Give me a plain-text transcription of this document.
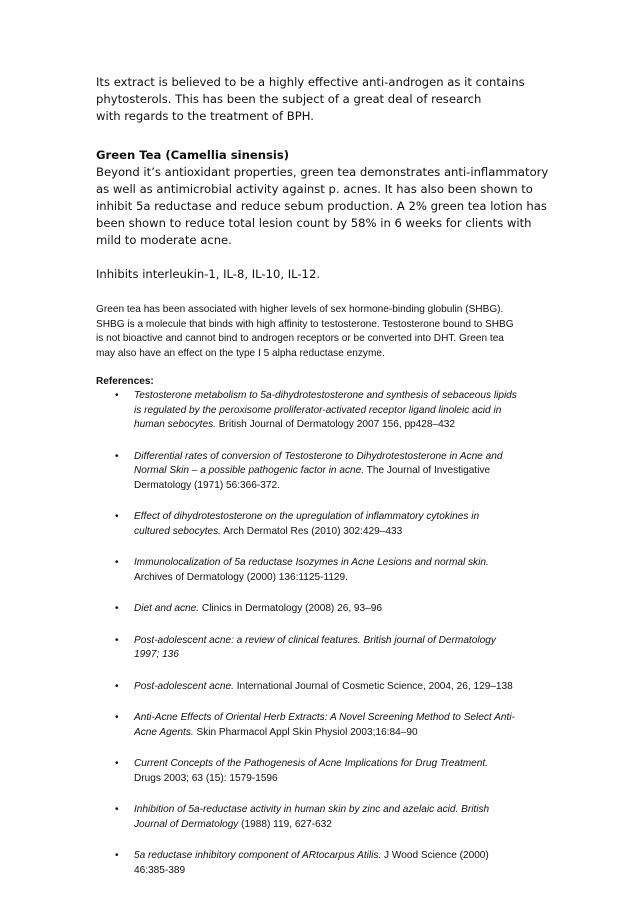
Its extract is believed to be a highly effective anti-androgen as it contains
phytosterols. This has been the subject of a great deal of research
with regards to the treatment of BPH.

Green Tea (Camellia sinensis)

Beyond it’s antioxidant properties, green tea demonstrates anti-inflammatory
as well as antimicrobial activity against p. acnes. It has also been shown to
inhibit 5a reductase and reduce sebum production. A 2% green tea lotion has
been shown to reduce total lesion count by 58% in 6 weeks for clients with
mild to moderate acne.

Inhibits interleukin-1, IL-8, IL-10, IL-12.

Green tea has been associated with higher levels of sex hormone-binding globulin (SHBG).
SHBG is a molecule that binds with high affinity to testosterone. Testosterone bound to SHBG
is not bioactive and cannot bind to androgen receptors or be converted into DHT. Green tea
may also have an effect on the type I 5 alpha reductase enzyme.

References:

• Testosterone metabolism to 5a-dihydrotestosterone and synthesis of sebaceous lipids
is regulated by the peroxisome proliferator-activated receptor ligand linoleic acid in
human sebocytes. British Journal of Dermatology 2007 156, pp428–432
• Differential rates of conversion of Testosterone to Dihydrotestosterone in Acne and
Normal Skin – a possible pathogenic factor in acne. The Journal of Investigative
Dermatology (1971) 56:366-372.
• Effect of dihydrotestosterone on the upregulation of inflammatory cytokines in
cultured sebocytes. Arch Dermatol Res (2010) 302:429–433
• Immunolocalization of 5a reductase Isozymes in Acne Lesions and normal skin.
Archives of Dermatology (2000) 136:1125-1129.
• Diet and acne. Clinics in Dermatology (2008) 26, 93–96
• Post-adolescent acne: a review of clinical features. British journal of Dermatology
1997; 136
• Post-adolescent acne. International Journal of Cosmetic Science, 2004, 26, 129–138
• Anti-Acne Effects of Oriental Herb Extracts: A Novel Screening Method to Select Anti-
Acne Agents. Skin Pharmacol Appl Skin Physiol 2003;16:84–90
• Current Concepts of the Pathogenesis of Acne Implications for Drug Treatment.
Drugs 2003; 63 (15): 1579-1596
• Inhibition of 5a-reductase activity in human skin by zinc and azelaic acid. British
Journal of Dermatology (1988) 119, 627-632
• 5a reductase inhibitory component of ARtocarpus Atilis. J Wood Science (2000)
46:385-389
